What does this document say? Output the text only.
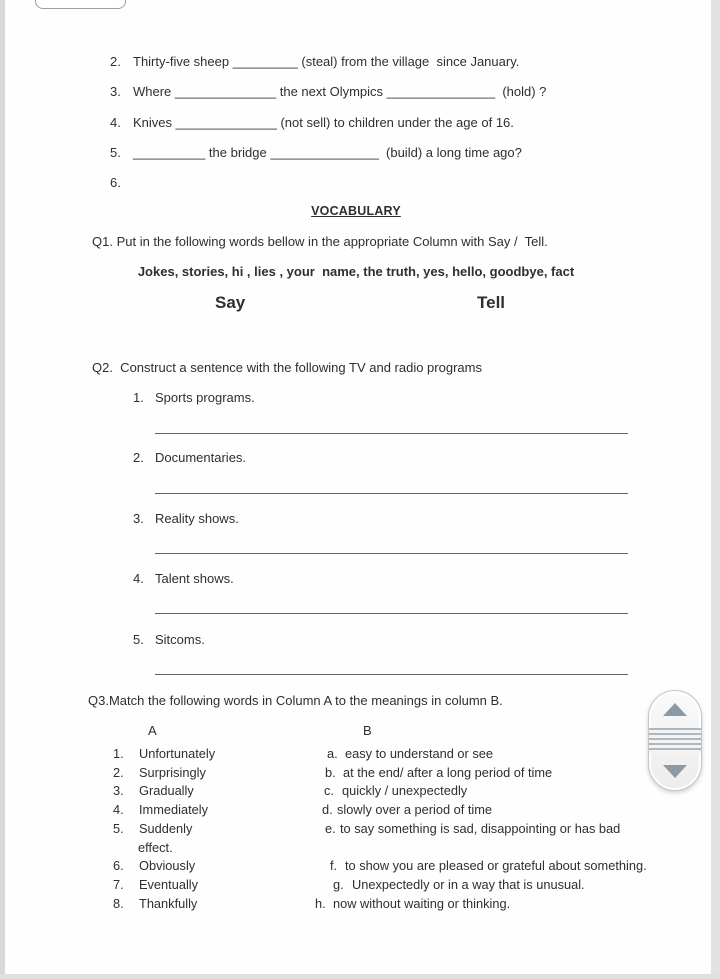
2. Thirty-five sheep _________ (steal) from the village  since January.
3. Where ______________ the next Olympics _______________  (hold) ?
4. Knives ______________ (not sell) to children under the age of 16.
5. __________ the bridge _______________  (build) a long time ago?
6.
VOCABULARY
Q1. Put in the following words bellow in the appropriate Column with Say /  Tell.
Jokes, stories, hi , lies , your  name, the truth, yes, hello, goodbye, fact
Say	Tell
Q2.  Construct a sentence with the following TV and radio programs
1. Sports programs.
2. Documentaries.
3. Reality shows.
4. Talent shows.
5. Sitcoms.
Q3.Match the following words in Column A to the meanings in column B.
A	B
1. Unfortunately	a. easy to understand or see
2. Surprisingly	b. at the end/ after a long period of time
3. Gradually	c. quickly / unexpectedly
4. Immediately	d. slowly over a period of time
5. Suddenly	e. to say something is sad, disappointing or has bad
effect.
6. Obviously	f. to show you are pleased or grateful about something.
7. Eventually	g. Unexpectedly or in a way that is unusual.
8. Thankfully	h. now without waiting or thinking.
